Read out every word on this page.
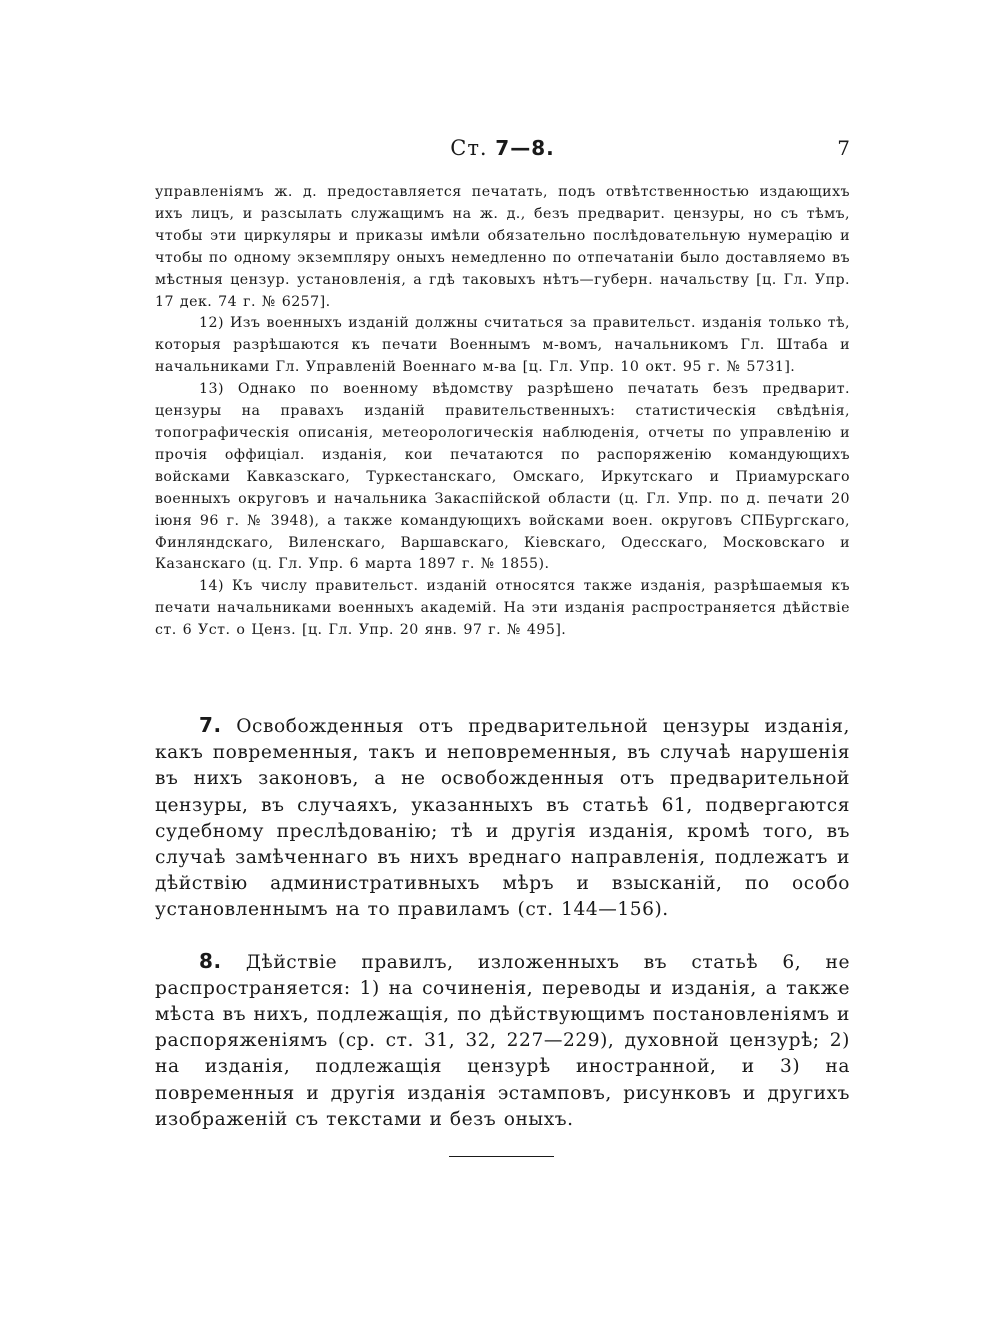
Ст. 7—8.	7

управленіямъ ж. д. предоставляется печатать, подъ отвѣтственностью издающихъ ихъ лицъ, и разсылать служащимъ на ж. д., безъ предварит. цензуры, но съ тѣмъ, чтобы эти циркуляры и приказы имѣли обязательно послѣдовательную нумерацію и чтобы по одному экземпляру оныхъ немедленно по отпечатаніи было доставляемо въ мѣстныя цензур. установленія, а гдѣ таковыхъ нѣтъ—губерн. начальству [ц. Гл. Упр. 17 дек. 74 г. № 6257].

12) Изъ военныхъ изданій должны считаться за правительст. изданія только тѣ, которыя разрѣшаются къ печати Военнымъ м-вомъ, начальникомъ Гл. Штаба и начальниками Гл. Управленій Военнаго м-ва [ц. Гл. Упр. 10 окт. 95 г. № 5731].

13) Однако по военному вѣдомству разрѣшено печатать безъ предварит. цензуры на правахъ изданій правительственныхъ: статистическія свѣдѣнія, топографическія описанія, метеорологическія наблюденія, отчеты по управленію и прочія оффиціал. изданія, кои печатаются по распоряженію командующихъ войсками Кавказскаго, Туркестанскаго, Омскаго, Иркутскаго и Приамурскаго военныхъ округовъ и начальника Закаспійской области (ц. Гл. Упр. по д. печати 20 іюня 96 г. № 3948), а также командующихъ войсками воен. округовъ СПБургскаго, Финляндскаго, Виленскаго, Варшавскаго, Кіевскаго, Одесскаго, Московскаго и Казанскаго (ц. Гл. Упр. 6 марта 1897 г. № 1855).

14) Къ числу правительст. изданій относятся также изданія, разрѣшаемыя къ печати начальниками военныхъ академій. На эти изданія распространяется дѣйствіе ст. 6 Уст. о Ценз. [ц. Гл. Упр. 20 янв. 97 г. № 495].

7. Освобожденныя отъ предварительной цензуры изданія, какъ повременныя, такъ и неповременныя, въ случаѣ нарушенія въ нихъ законовъ, а не освобожденныя отъ предварительной цензуры, въ случаяхъ, указанныхъ въ статьѣ 61, подвергаются судебному преслѣдованію; тѣ и другія изданія, кромѣ того, въ случаѣ замѣченнаго въ нихъ вреднаго направленія, подлежатъ и дѣйствію административныхъ мѣръ и взысканій, по особо установленнымъ на то правиламъ (ст. 144—156).

8. Дѣйствіе правилъ, изложенныхъ въ статьѣ 6, не распространяется: 1) на сочиненія, переводы и изданія, а также мѣста въ нихъ, подлежащія, по дѣйствующимъ постановленіямъ и распоряженіямъ (ср. ст. 31, 32, 227—229), духовной цензурѣ; 2) на изданія, подлежащія цензурѣ иностранной, и 3) на повременныя и другія изданія эстамповъ, рисунковъ и другихъ изображеній съ текстами и безъ оныхъ.
